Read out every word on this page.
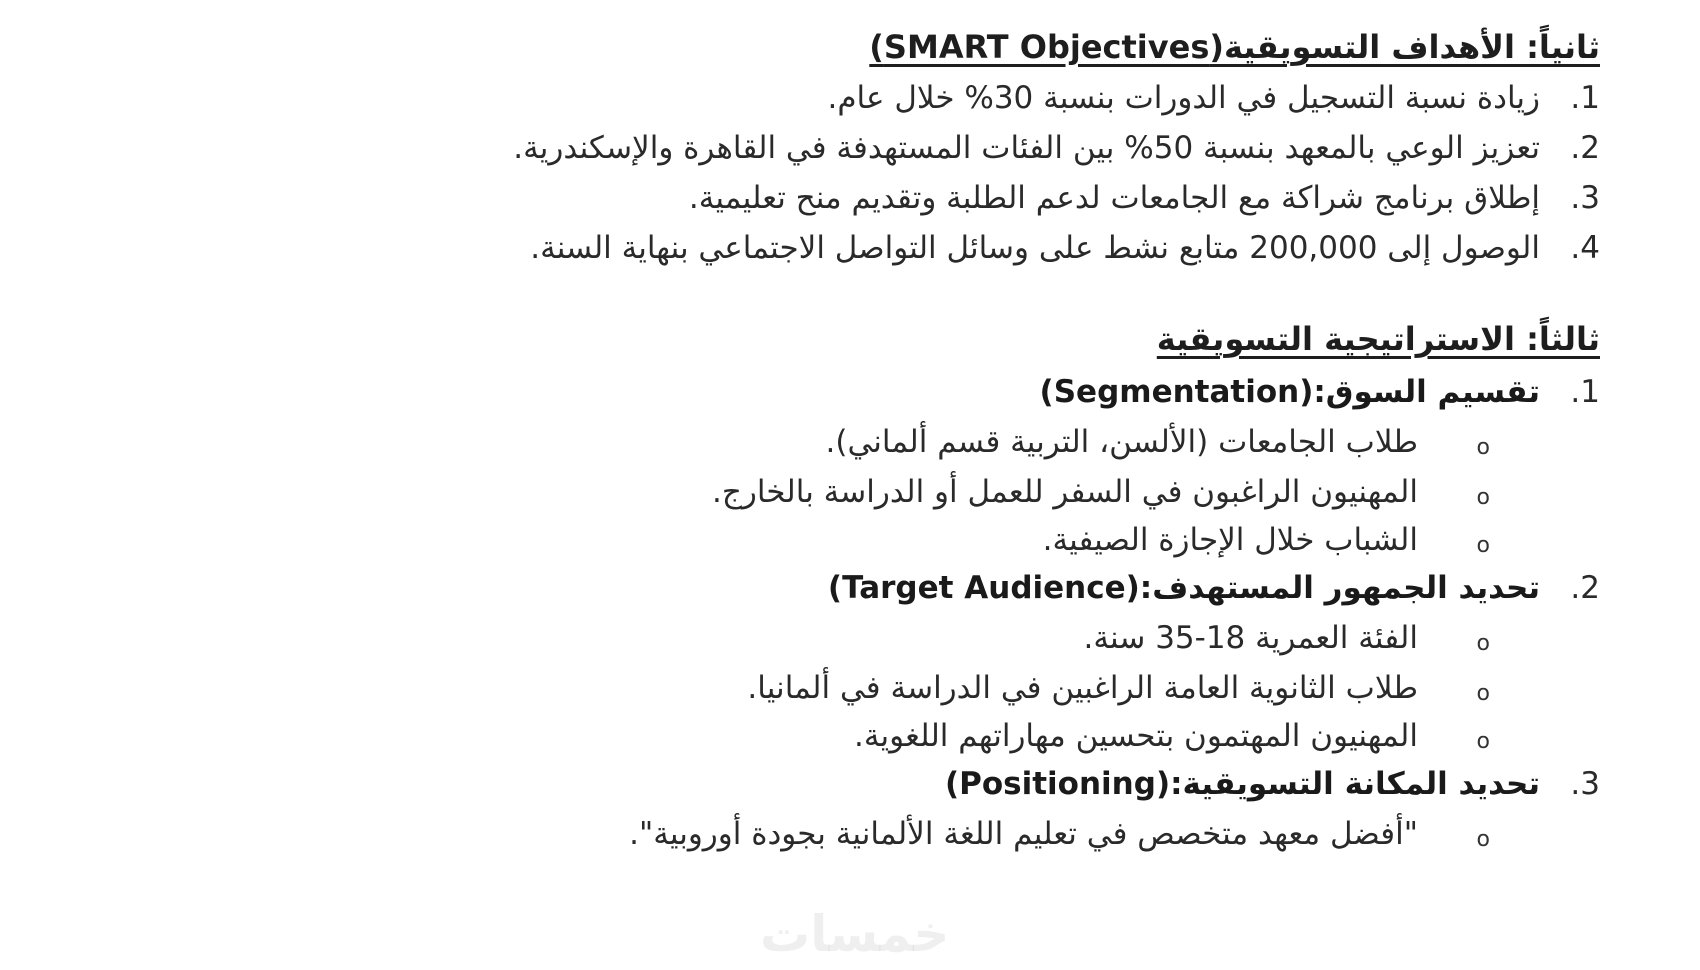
ثانياً: الأهداف التسويقية(SMART Objectives)
1.زيادة نسبة التسجيل في الدورات بنسبة 30% خلال عام.
2.تعزيز الوعي بالمعهد بنسبة 50% بين الفئات المستهدفة في القاهرة والإسكندرية.
3.إطلاق برنامج شراكة مع الجامعات لدعم الطلبة وتقديم منح تعليمية.
4.الوصول إلى 200,000 متابع نشط على وسائل التواصل الاجتماعي بنهاية السنة.
ثالثاً: الاستراتيجية التسويقية
1.تقسيم السوق:(Segmentation)
oطلاب الجامعات (الألسن، التربية قسم ألماني).
oالمهنيون الراغبون في السفر للعمل أو الدراسة بالخارج.
oالشباب خلال الإجازة الصيفية.
2.تحديد الجمهور المستهدف:(Target Audience)
oالفئة العمرية 18-35 سنة.
oطلاب الثانوية العامة الراغبين في الدراسة في ألمانيا.
oالمهنيون المهتمون بتحسين مهاراتهم اللغوية.
3.تحديد المكانة التسويقية:(Positioning)
o"أفضل معهد متخصص في تعليم اللغة الألمانية بجودة أوروبية".
خمسات
